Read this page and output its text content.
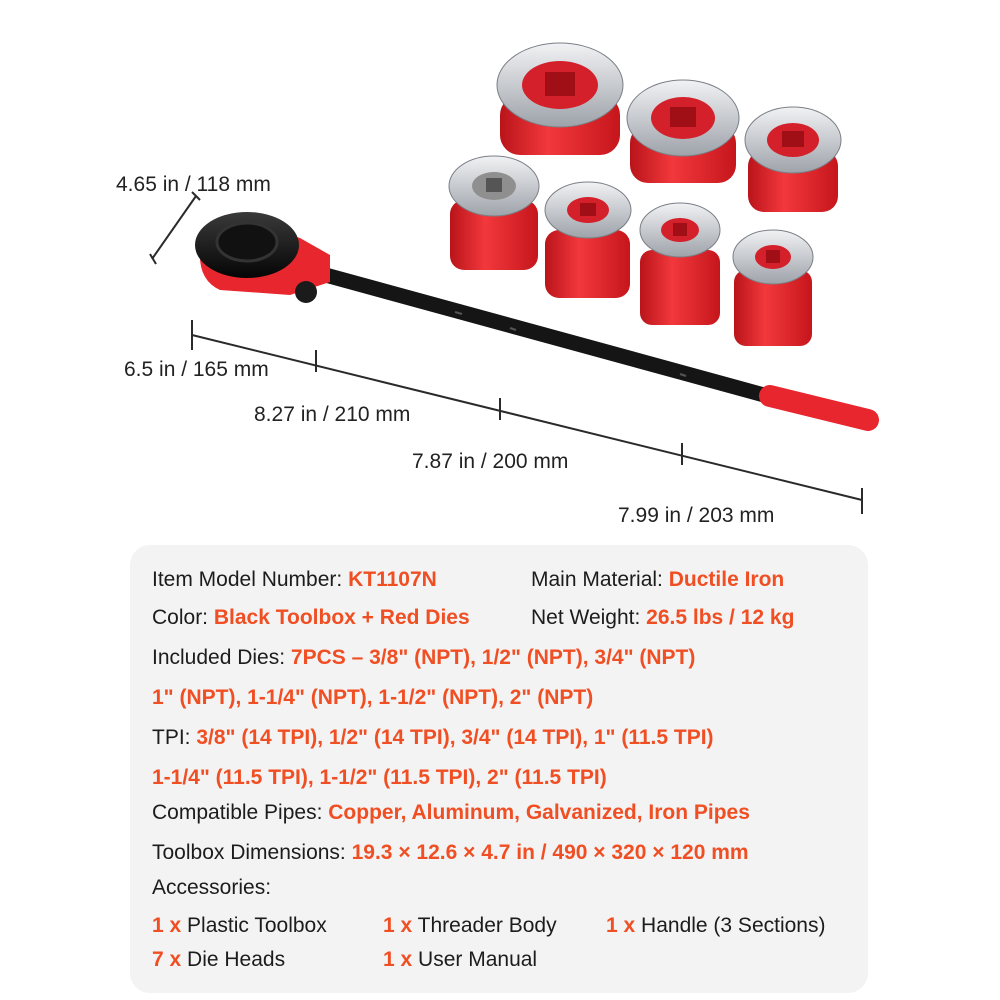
4.65 in / 118 mm
6.5 in / 165 mm
8.27 in / 210 mm
7.87 in / 200 mm
7.99 in / 203 mm
Item Model Number: KT1107N	Main Material: Ductile Iron
Color: Black Toolbox + Red Dies	Net Weight: 26.5 lbs / 12 kg
Included Dies: 7PCS – 3/8" (NPT), 1/2" (NPT), 3/4" (NPT)
1" (NPT), 1-1/4" (NPT), 1-1/2" (NPT), 2" (NPT)
TPI: 3/8" (14 TPI), 1/2" (14 TPI), 3/4" (14 TPI), 1" (11.5 TPI)
1-1/4" (11.5 TPI), 1-1/2" (11.5 TPI), 2" (11.5 TPI)
Compatible Pipes: Copper, Aluminum, Galvanized, Iron Pipes
Toolbox Dimensions: 19.3 × 12.6 × 4.7 in / 490 × 320 × 120 mm
Accessories:
1 x Plastic Toolbox	1 x Threader Body 1 x Handle (3 Sections)
7 x Die Heads	1 x User Manual
